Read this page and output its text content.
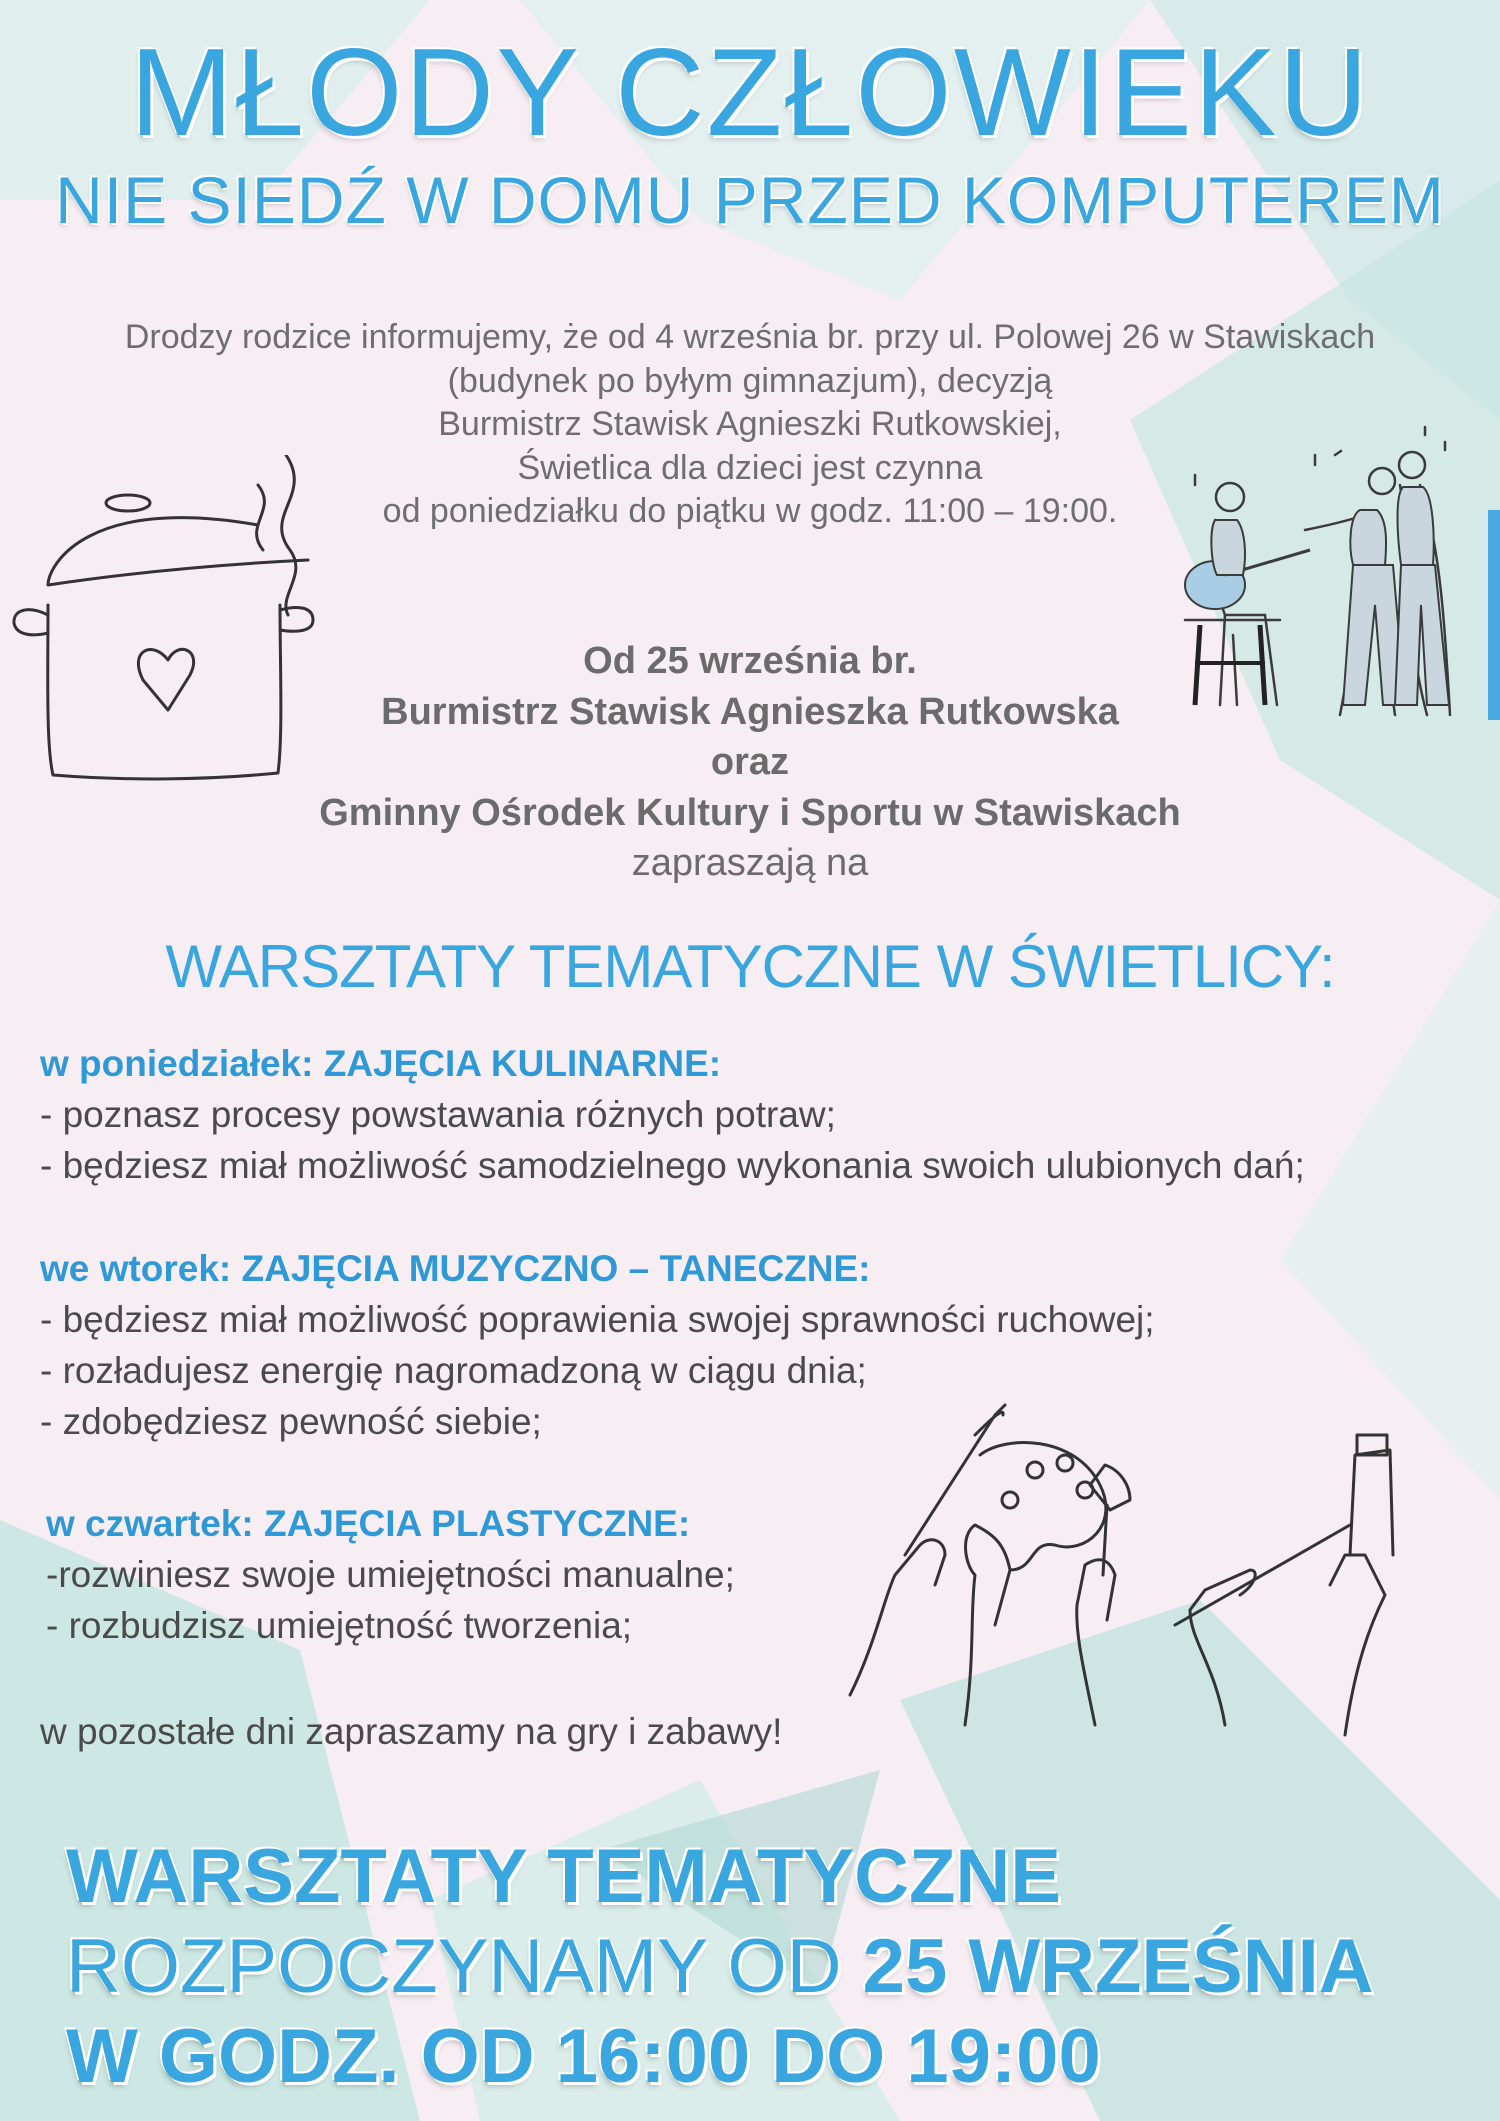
MŁODY CZŁOWIEKU
NIE SIEDŹ W DOMU PRZED KOMPUTEREM
Drodzy rodzice informujemy, że od 4 września br. przy ul. Polowej 26 w Stawiskach
(budynek po byłym gimnazjum), decyzją
Burmistrz Stawisk Agnieszki Rutkowskiej,
Świetlica dla dzieci jest czynna
od poniedziałku do piątku w godz. 11:00 – 19:00.
Od 25 września br.
Burmistrz Stawisk Agnieszka Rutkowska
oraz
Gminny Ośrodek Kultury i Sportu w Stawiskach
zapraszają na
WARSZTATY TEMATYCZNE W ŚWIETLICY:
w poniedziałek: ZAJĘCIA KULINARNE:
- poznasz procesy powstawania różnych potraw;
- będziesz miał możliwość samodzielnego wykonania swoich ulubionych dań;
we wtorek: ZAJĘCIA MUZYCZNO – TANECZNE:
- będziesz miał możliwość poprawienia swojej sprawności ruchowej;
- rozładujesz energię nagromadzoną w ciągu dnia;
- zdobędziesz pewność siebie;
w czwartek: ZAJĘCIA PLASTYCZNE:
-rozwiniesz swoje umiejętności manualne;
- rozbudzisz umiejętność tworzenia;
w pozostałe dni zapraszamy na gry i zabawy!
WARSZTATY TEMATYCZNE
ROZPOCZYNAMY OD 25 WRZEŚNIA
W GODZ. OD 16:00 DO 19:00
